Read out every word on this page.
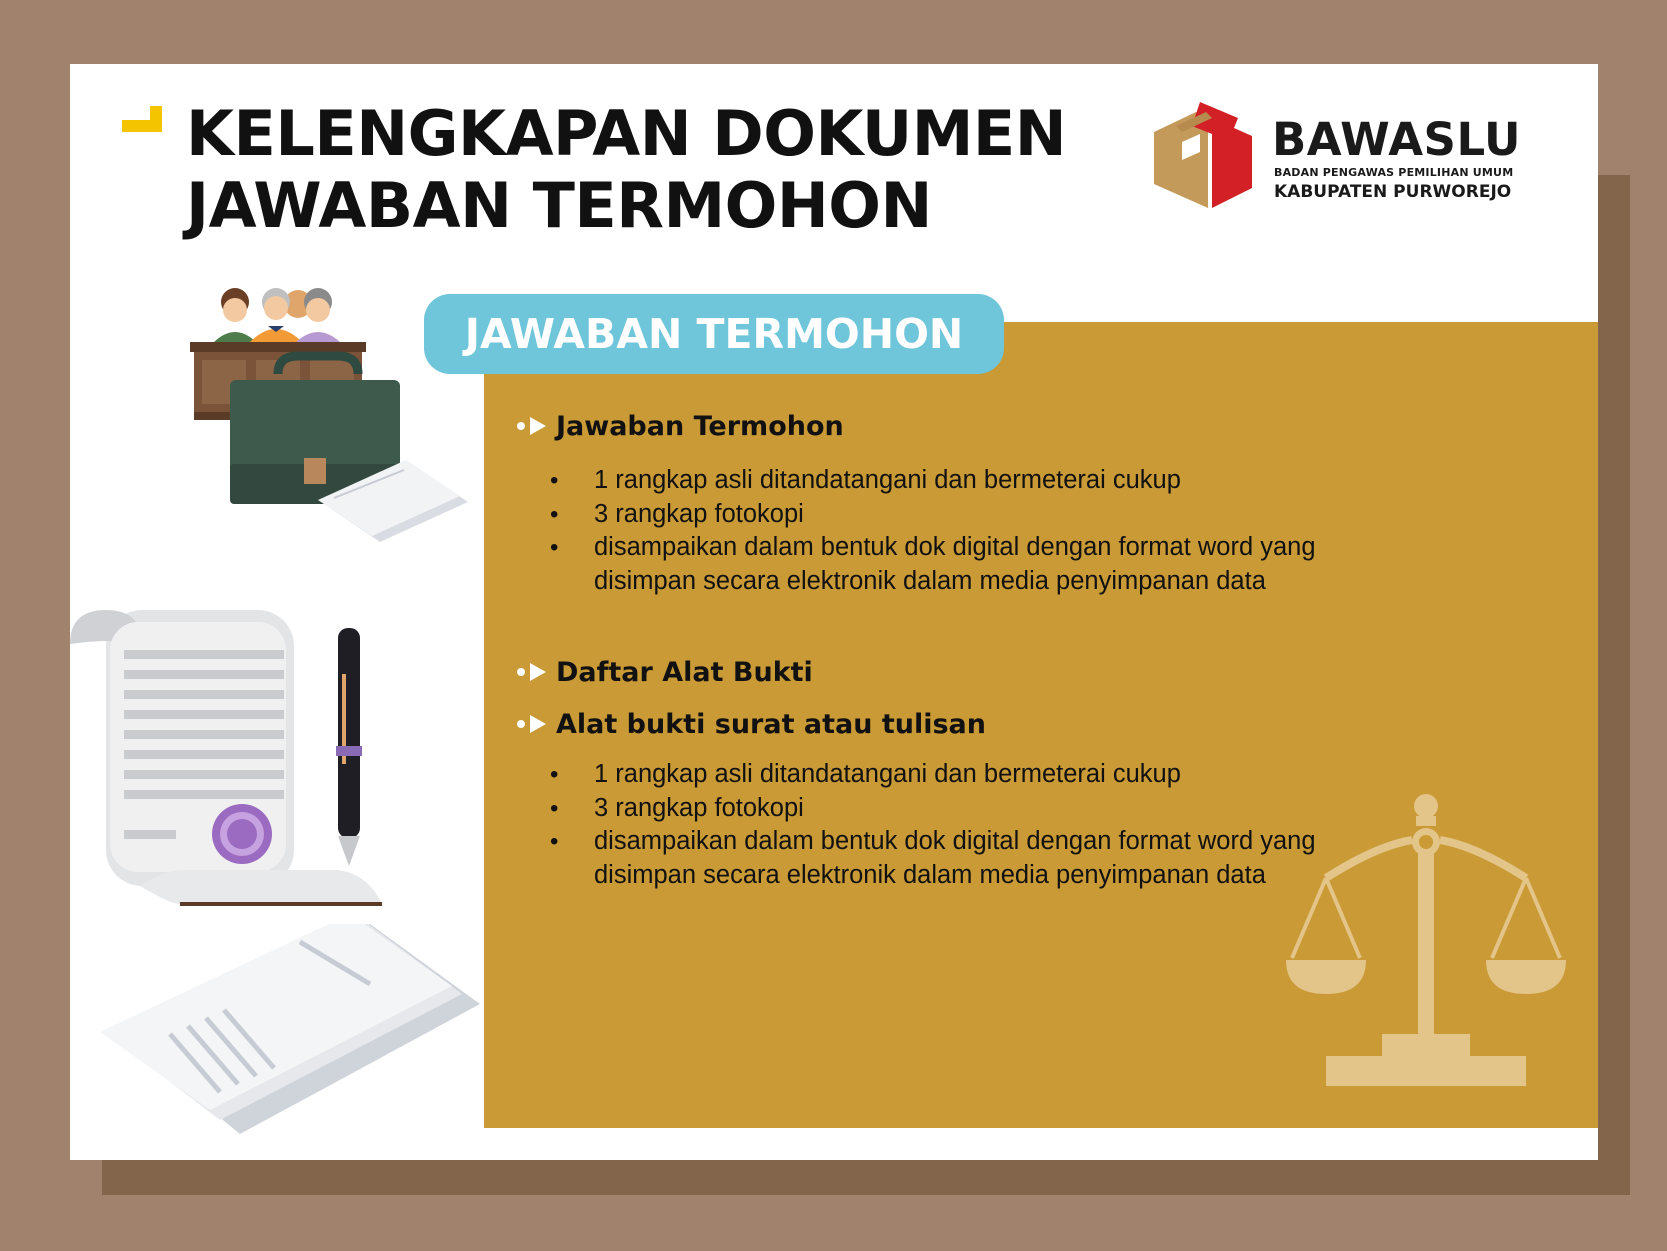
KELENGKAPAN DOKUMEN
JAWABAN TERMOHON
BAWASLU
BADAN PENGAWAS PEMILIHAN UMUM
KABUPATEN PURWOREJO
JAWABAN TERMOHON
Jawaban Termohon
• 1 rangkap asli ditandatangani dan bermeterai cukup
• 3 rangkap fotokopi
• disampaikan dalam bentuk dok digital dengan format word yang disimpan secara elektronik dalam media penyimpanan data
Daftar Alat Bukti
Alat bukti surat atau tulisan
• 1 rangkap asli ditandatangani dan bermeterai cukup
• 3 rangkap fotokopi
• disampaikan dalam bentuk dok digital dengan format word yang disimpan secara elektronik dalam media penyimpanan data
